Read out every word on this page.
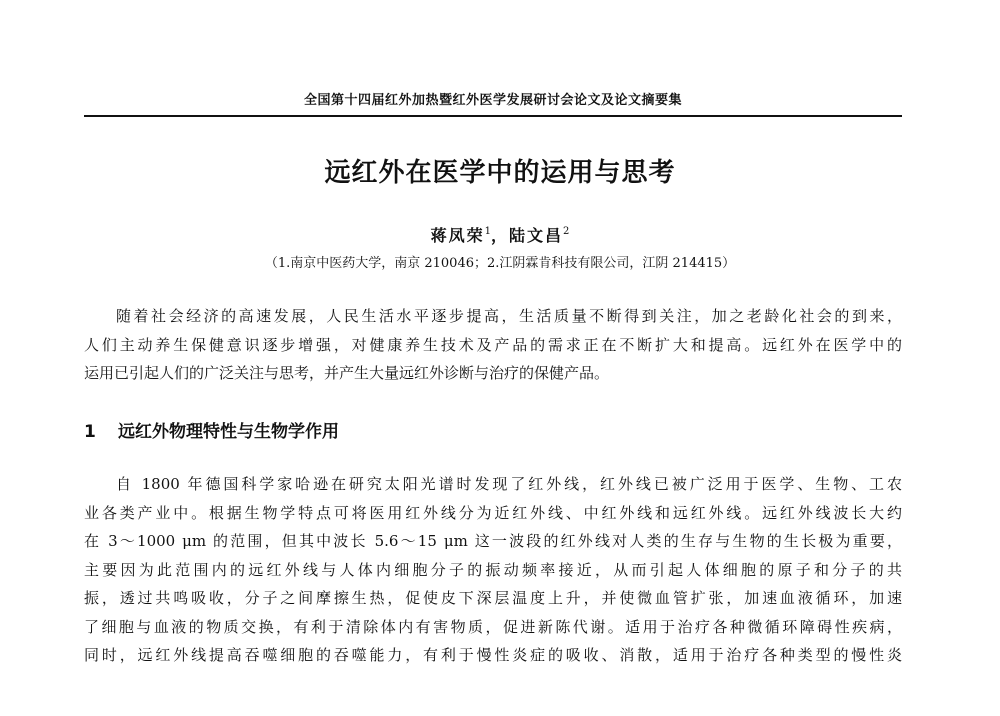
全国第十四届红外加热暨红外医学发展研讨会论文及论文摘要集
远红外在医学中的运用与思考
蒋凤荣$^1$，陆文昌$^2$
（1.南京中医药大学，南京 210046；2.江阴霖肯科技有限公司，江阴 214415）
随着社会经济的高速发展，人民生活水平逐步提高，生活质量不断得到关注，加之老龄化社会的到来，
人们主动养生保健意识逐步增强，对健康养生技术及产品的需求正在不断扩大和提高。远红外在医学中的
运用已引起人们的广泛关注与思考，并产生大量远红外诊断与治疗的保健产品。
1 远红外物理特性与生物学作用
自 1800 年德国科学家哈逊在研究太阳光谱时发现了红外线，红外线已被广泛用于医学、生物、工农
业各类产业中。根据生物学特点可将医用红外线分为近红外线、中红外线和远红外线。远红外线波长大约
在 3～1000 μm 的范围，但其中波长 5.6～15 μm 这一波段的红外线对人类的生存与生物的生长极为重要，
主要因为此范围内的远红外线与人体内细胞分子的振动频率接近，从而引起人体细胞的原子和分子的共
振，透过共鸣吸收，分子之间摩擦生热，促使皮下深层温度上升，并使微血管扩张，加速血液循环，加速
了细胞与血液的物质交换，有利于清除体内有害物质，促进新陈代谢。适用于治疗各种微循环障碍性疾病，
同时，远红外线提高吞噬细胞的吞噬能力，有利于慢性炎症的吸收、消散，适用于治疗各种类型的慢性炎
